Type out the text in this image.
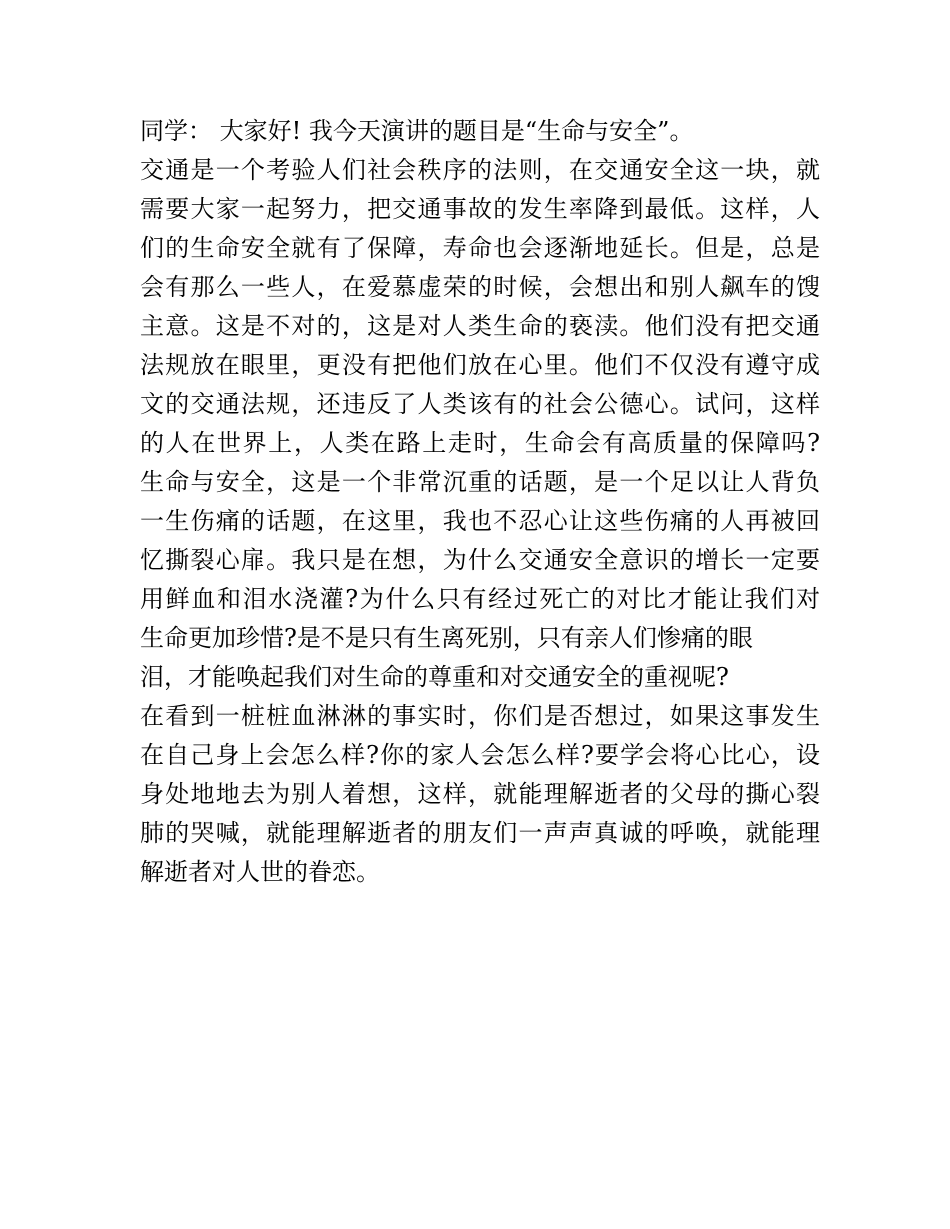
同学： 大家好! 我今天演讲的题目是“生命与安全”。
交通是一个考验人们社会秩序的法则，在交通安全这一块，就
需要大家一起努力，把交通事故的发生率降到最低。这样，人
们的生命安全就有了保障，寿命也会逐渐地延长。但是，总是
会有那么一些人，在爱慕虚荣的时候，会想出和别人飙车的馊
主意。这是不对的，这是对人类生命的亵渎。他们没有把交通
法规放在眼里，更没有把他们放在心里。他们不仅没有遵守成
文的交通法规，还违反了人类该有的社会公德心。试问，这样
的人在世界上，人类在路上走时，生命会有高质量的保障吗?
生命与安全，这是一个非常沉重的话题，是一个足以让人背负
一生伤痛的话题，在这里，我也不忍心让这些伤痛的人再被回
忆撕裂心扉。我只是在想，为什么交通安全意识的增长一定要
用鲜血和泪水浇灌?为什么只有经过死亡的对比才能让我们对
生命更加珍惜?是不是只有生离死别，只有亲人们惨痛的眼
泪，才能唤起我们对生命的尊重和对交通安全的重视呢?
在看到一桩桩血淋淋的事实时，你们是否想过，如果这事发生
在自己身上会怎么样?你的家人会怎么样?要学会将心比心，设
身处地地去为别人着想，这样，就能理解逝者的父母的撕心裂
肺的哭喊，就能理解逝者的朋友们一声声真诚的呼唤，就能理
解逝者对人世的眷恋。
